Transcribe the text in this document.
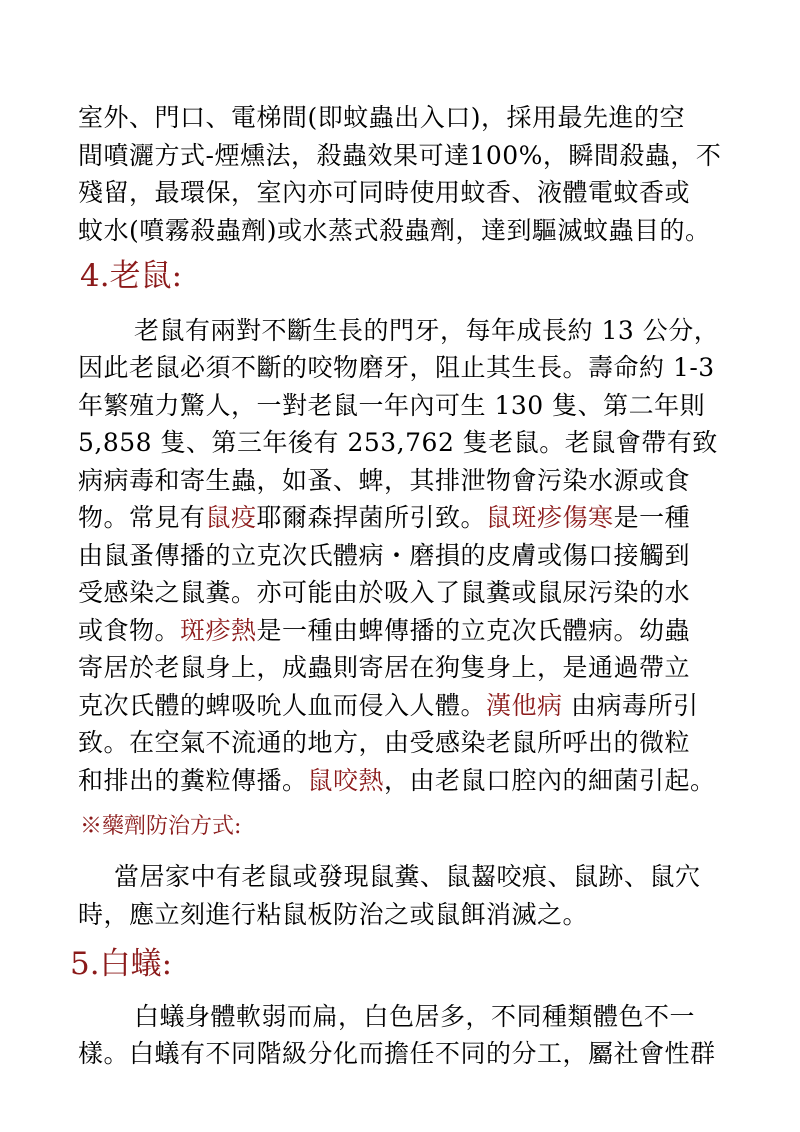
室外、門口、電梯間(即蚊蟲出入口)，採用最先進的空
間噴灑方式-煙燻法，殺蟲效果可達100%，瞬間殺蟲，不
殘留，最環保，室內亦可同時使用蚊香、液體電蚊香或
蚊水(噴霧殺蟲劑)或水蒸式殺蟲劑，達到驅滅蚊蟲目的。
4.老鼠:
老鼠有兩對不斷生長的門牙，每年成長約 13 公分，
因此老鼠必須不斷的咬物磨牙，阻止其生長。壽命約 1-3
年繁殖力驚人，一對老鼠一年內可生 130 隻、第二年則
5,858 隻、第三年後有 253,762 隻老鼠。老鼠會帶有致
病病毒和寄生蟲，如蚤、蜱，其排泄物會污染水源或食
物。常見有鼠疫耶爾森捍菌所引致。鼠斑疹傷寒是一種
由鼠蚤傳播的立克次氏體病・磨損的皮膚或傷口接觸到
受感染之鼠糞。亦可能由於吸入了鼠糞或鼠尿污染的水
或食物。斑疹熱是一種由蜱傳播的立克次氏體病。幼蟲
寄居於老鼠身上，成蟲則寄居在狗隻身上，是通過帶立
克次氏體的蜱吸吮人血而侵入人體。漢他病 由病毒所引
致。在空氣不流通的地方，由受感染老鼠所呼出的微粒
和排出的糞粒傳播。鼠咬熱，由老鼠口腔內的細菌引起。
※藥劑防治方式:
當居家中有老鼠或發現鼠糞、鼠齧咬痕、鼠跡、鼠穴
時，應立刻進行粘鼠板防治之或鼠餌消滅之。
5.白蟻:
白蟻身體軟弱而扁，白色居多，不同種類體色不一
樣。白蟻有不同階級分化而擔任不同的分工，屬社會性群
